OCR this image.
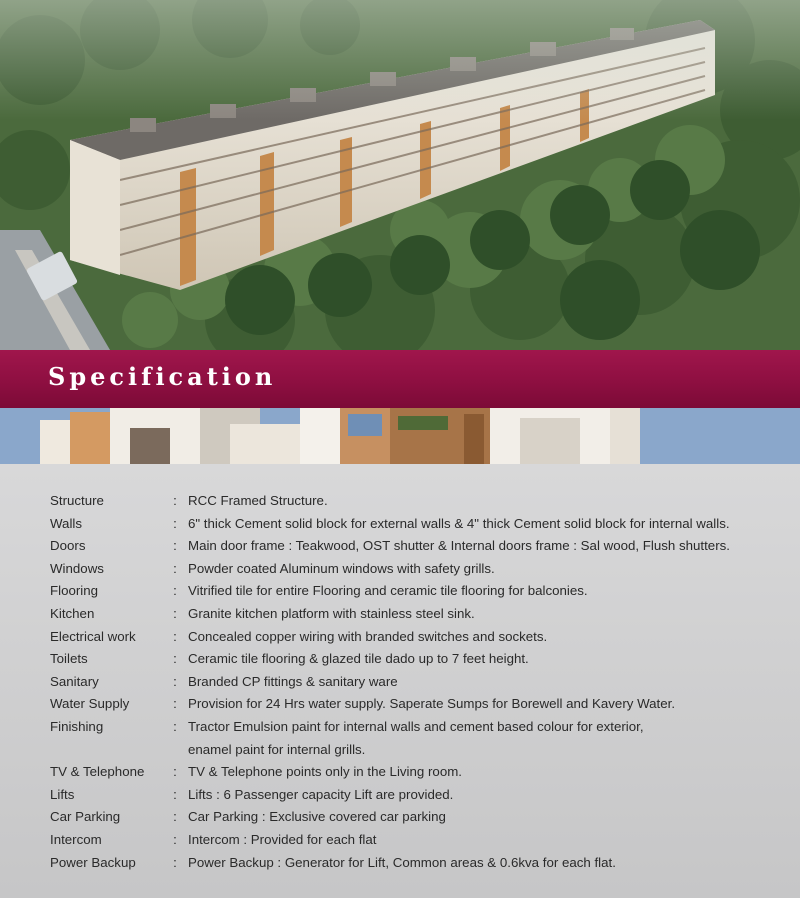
Specification
Structure	: RCC Framed Structure.
Walls	: 6" thick Cement solid block for external walls & 4" thick Cement solid block for internal walls.
Doors	: Main door frame : Teakwood, OST shutter & Internal doors frame : Sal wood, Flush shutters.
Windows	: Powder coated Aluminum windows with safety grills.
Flooring	: Vitrified tile for entire Flooring and ceramic tile flooring for balconies.
Kitchen	: Granite kitchen platform with stainless steel sink.
Electrical work	: Concealed copper wiring with branded switches and sockets.
Toilets	: Ceramic tile flooring & glazed tile dado up to 7 feet height.
Sanitary	: Branded CP fittings & sanitary ware
Water Supply	: Provision for 24 Hrs water supply. Saperate Sumps for Borewell and Kavery Water.
Finishing	: Tractor Emulsion paint for internal walls and cement based colour for exterior,
enamel paint for internal grills.
TV & Telephone	: TV & Telephone points only in the Living room.
Lifts	: Lifts : 6 Passenger capacity Lift are provided.
Car Parking	: Car Parking : Exclusive covered car parking
Intercom	: Intercom : Provided for each flat
Power Backup	: Power Backup : Generator for Lift, Common areas & 0.6kva for each flat.
